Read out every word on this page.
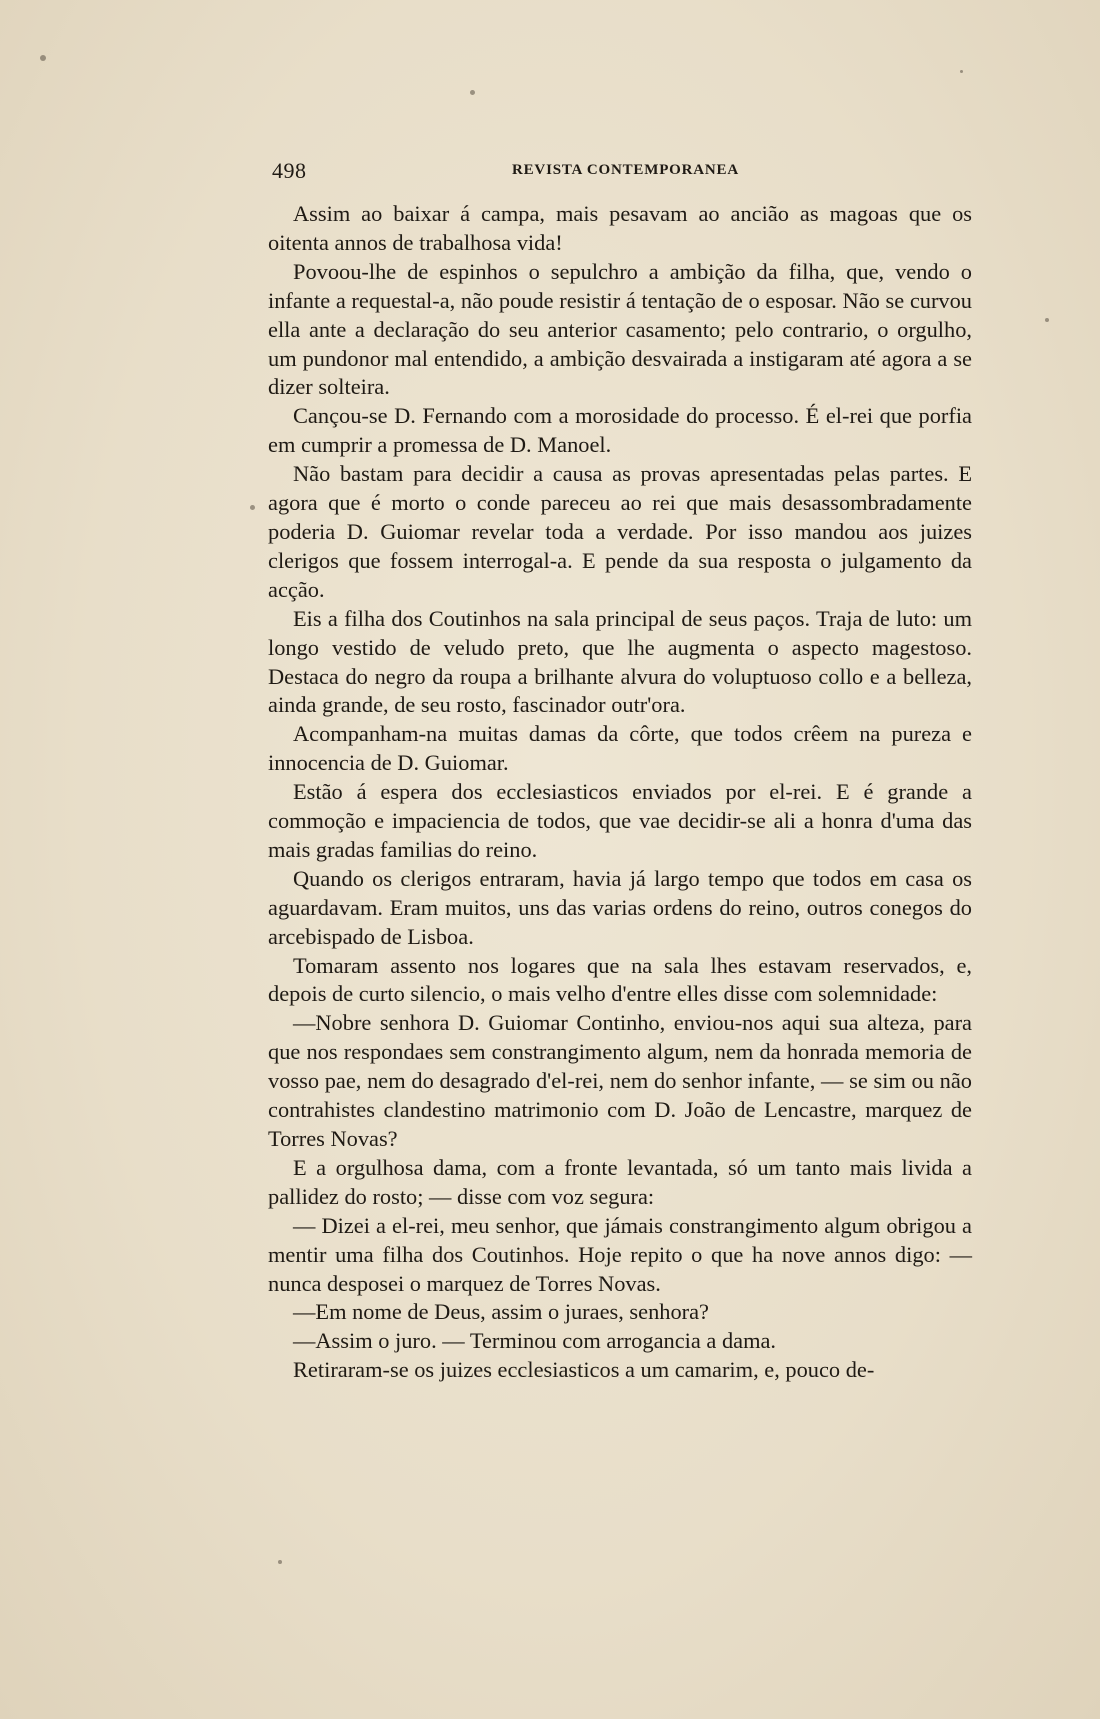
498	REVISTA CONTEMPORANEA

Assim ao baixar á campa, mais pesavam ao ancião as magoas que os oitenta annos de trabalhosa vida!

Povoou-lhe de espinhos o sepulchro a ambição da filha, que, vendo o infante a requestal-a, não poude resistir á tentação de o esposar. Não se curvou ella ante a declaração do seu anterior casamento; pelo contrario, o orgulho, um pundonor mal entendido, a ambição desvairada a instigaram até agora a se dizer solteira.

Cançou-se D. Fernando com a morosidade do processo. É el-rei que porfia em cumprir a promessa de D. Manoel.

Não bastam para decidir a causa as provas apresentadas pelas partes. E agora que é morto o conde pareceu ao rei que mais desassombradamente poderia D. Guiomar revelar toda a verdade. Por isso mandou aos juizes clerigos que fossem interrogal-a. E pende da sua resposta o julgamento da acção.

Eis a filha dos Coutinhos na sala principal de seus paços. Traja de luto: um longo vestido de veludo preto, que lhe augmenta o aspecto magestoso. Destaca do negro da roupa a brilhante alvura do voluptuoso collo e a belleza, ainda grande, de seu rosto, fascinador outr'ora.

Acompanham-na muitas damas da côrte, que todos crêem na pureza e innocencia de D. Guiomar.

Estão á espera dos ecclesiasticos enviados por el-rei. E é grande a commoção e impaciencia de todos, que vae decidir-se ali a honra d'uma das mais gradas familias do reino.

Quando os clerigos entraram, havia já largo tempo que todos em casa os aguardavam. Eram muitos, uns das varias ordens do reino, outros conegos do arcebispado de Lisboa.

Tomaram assento nos logares que na sala lhes estavam reservados, e, depois de curto silencio, o mais velho d'entre elles disse com solemnidade:

—Nobre senhora D. Guiomar Continho, enviou-nos aqui sua alteza, para que nos respondaes sem constrangimento algum, nem da honrada memoria de vosso pae, nem do desagrado d'el-rei, nem do senhor infante, — se sim ou não contrahistes clandestino matrimonio com D. João de Lencastre, marquez de Torres Novas?

E a orgulhosa dama, com a fronte levantada, só um tanto mais livida a pallidez do rosto; — disse com voz segura:

— Dizei a el-rei, meu senhor, que jámais constrangimento algum obrigou a mentir uma filha dos Coutinhos. Hoje repito o que ha nove annos digo: — nunca desposei o marquez de Torres Novas.

—Em nome de Deus, assim o juraes, senhora?

—Assim o juro. — Terminou com arrogancia a dama.

Retiraram-se os juizes ecclesiasticos a um camarim, e, pouco de-
